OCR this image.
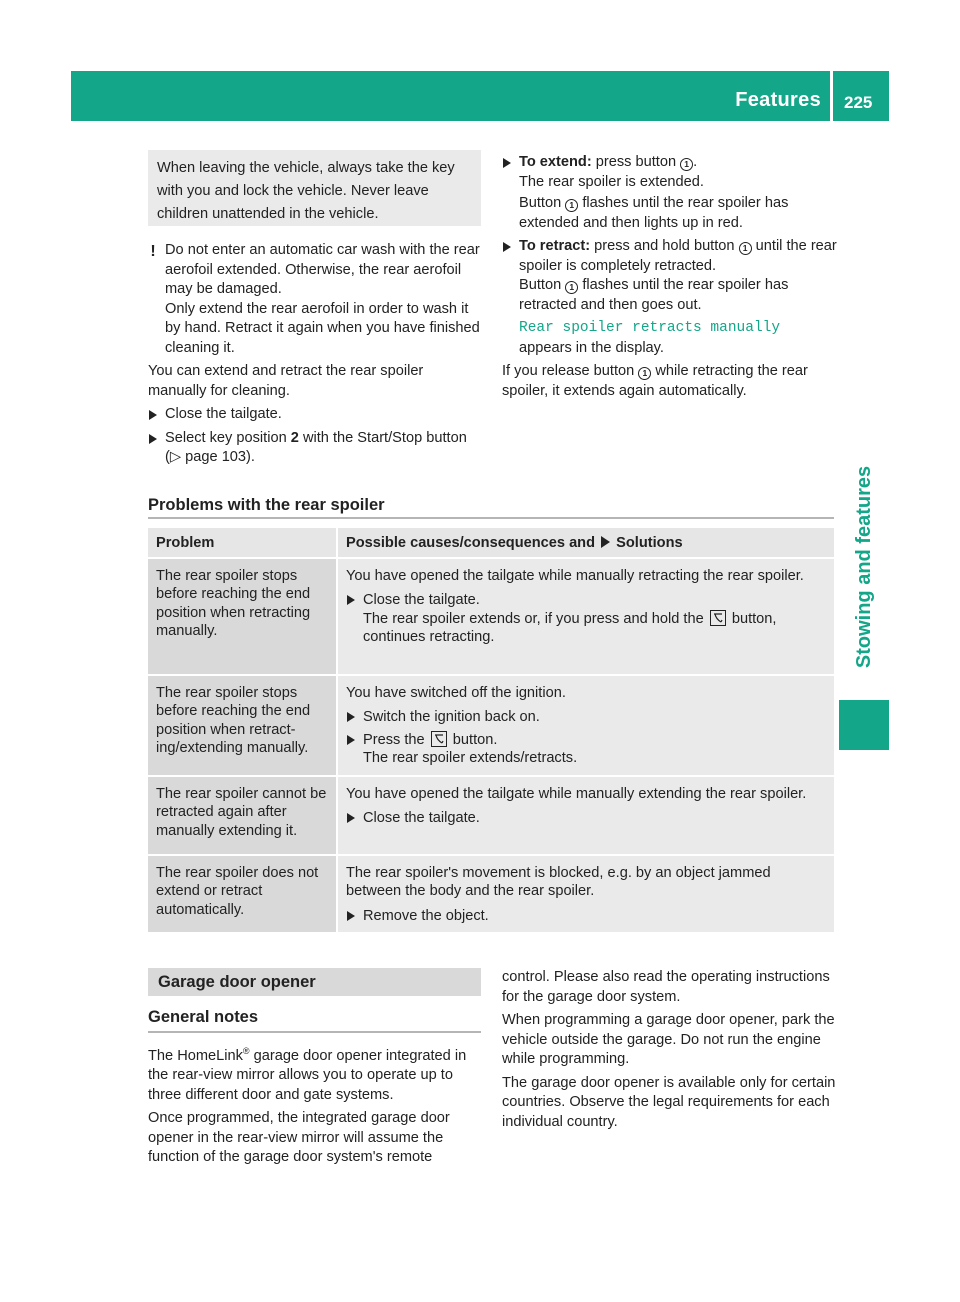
Features 225
Stowing and features

When leaving the vehicle, always take the key with you and lock the vehicle. Never leave children unattended in the vehicle.

! Do not enter an automatic car wash with the rear aerofoil extended. Otherwise, the rear aerofoil may be damaged.
Only extend the rear aerofoil in order to wash it by hand. Retract it again when you have finished cleaning it.
You can extend and retract the rear spoiler manually for cleaning.
Close the tailgate.
Select key position 2 with the Start/Stop button (▷ page 103).
To extend: press button 1 .
The rear spoiler is extended.
Button 1 flashes until the rear spoiler has extended and then lights up in red.
To retract: press and hold button 1 until the rear spoiler is completely retracted.
Button 1 flashes until the rear spoiler has retracted and then goes out.
Rear spoiler retracts manually
appears in the display.
If you release button 1 while retracting the rear spoiler, it extends again automatically.
Problems with the rear spoiler
Problem	Possible causes/consequences and Solutions
The rear spoiler stops before reaching the end position when retracting manually.
You have opened the tailgate while manually retracting the rear spoiler.
Close the tailgate.
The rear spoiler extends or, if you press and hold the button, continues retracting.
The rear spoiler stops before reaching the end position when retract-ing/extending manually.
You have switched off the ignition.
Switch the ignition back on.
Press the button.
The rear spoiler extends/retracts.
The rear spoiler cannot be retracted again after manually extending it.
You have opened the tailgate while manually extending the rear spoiler.
Close the tailgate.
The rear spoiler does not extend or retract automatically.
The rear spoiler's movement is blocked, e.g. by an object jammed between the body and the rear spoiler.
Remove the object.
Garage door opener
General notes
The HomeLink® garage door opener integrated in the rear-view mirror allows you to operate up to three different door and gate systems.
Once programmed, the integrated garage door opener in the rear-view mirror will assume the function of the garage door system's remote
control. Please also read the operating instructions for the garage door system.
When programming a garage door opener, park the vehicle outside the garage. Do not run the engine while programming.
The garage door opener is available only for certain countries. Observe the legal requirements for each individual country.
